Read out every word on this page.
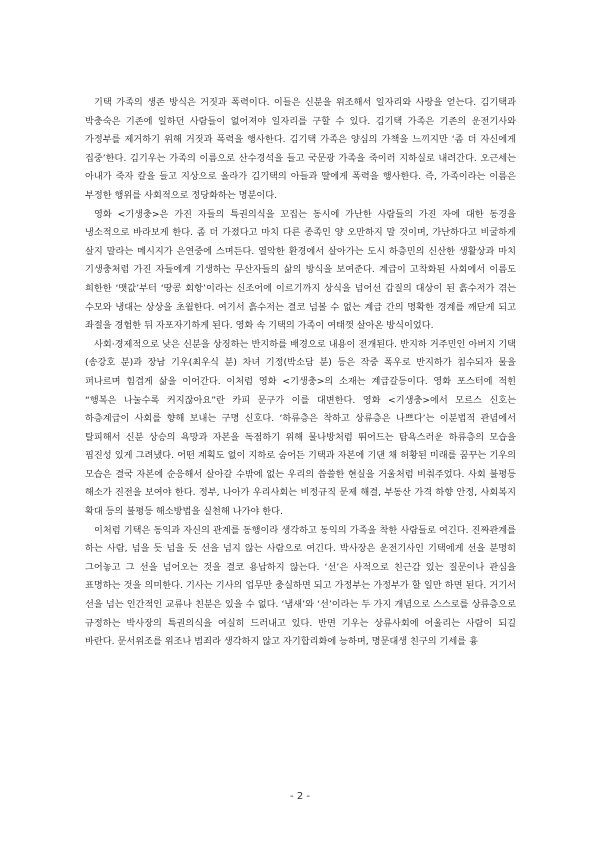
기택 가족의 생존 방식은 거짓과 폭력이다. 이들은 신분을 위조해서 일자리와 사랑을 얻는다. 김기택과 박충숙은 기존에 일하던 사람들이 없어져야 일자리를 구할 수 있다. 김기택 가족은 기존의 운전기사와 가정부를 제거하기 위해 거짓과 폭력을 행사한다. 김기택 가족은 양심의 가책을 느끼지만 ‘좀 더 자신에게 집중’한다. 김기우는 가족의 이름으로 산수경석을 들고 국문광 가족을 죽이러 지하실로 내려간다. 오근세는 아내가 죽자 칼을 들고 지상으로 올라가 김기택의 아들과 딸에게 폭력을 행사한다. 즉, 가족이라는 이름은 부정한 행위를 사회적으로 정당화하는 명분이다.

영화 <기생충>은 가진 자들의 특권의식을 꼬집는 동시에 가난한 사람들의 가진 자에 대한 동경을 냉소적으로 바라보게 한다. 좀 더 가졌다고 마치 다른 종족인 양 오만하지 말 것이며, 가난하다고 비굴하게 살지 말라는 메시지가 은연중에 스며든다. 열악한 환경에서 살아가는 도시 하층민의 신산한 생활상과 마치 기생충처럼 가진 자들에게 기생하는 무산자들의 삶의 방식을 보여준다. 계급이 고착화된 사회에서 이름도 희한한 ‘맷값’부터 ‘땅콩 회항’이라는 신조어에 이르기까지 상식을 넘어선 갑질의 대상이 된 흙수저가 겪는 수모와 냉대는 상상을 초월한다. 여기서 흙수저는 결코 넘볼 수 없는 계급 간의 명확한 경계를 깨닫게 되고 좌절을 경험한 뒤 자포자기하게 된다. 영화 속 기택의 가족이 여태껏 살아온 방식이었다.

사회·경제적으로 낮은 신분을 상징하는 반지하를 배경으로 내용이 전개된다. 반지하 거주민인 아버지 기택(송강호 분)과 장남 기우(최우식 분) 차녀 기정(박소담 분) 등은 작중 폭우로 반지하가 침수되자 물을 퍼나르며 힘겹게 삶을 이어간다. 이처럼 영화 <기생충>의 소재는 계급갈등이다. 영화 포스터에 적힌 “행복은 나눌수록 커지잖아요”란 카피 문구가 이를 대변한다. 영화 <기생충>에서 모르스 신호는 하층계급이 사회를 향해 보내는 구명 신호다. ‘하류층은 착하고 상류층은 나쁘다’는 이분법적 관념에서 탈피해서 신분 상승의 욕망과 자본을 독점하기 위해 물나방처럼 뛰어드는 탐욕스러운 하류층의 모습을 핍진성 있게 그려냈다. 어떤 계획도 없이 지하로 숨어든 기택과 자본에 기댄 채 허황된 미래를 꿈꾸는 기우의 모습은 결국 자본에 순응해서 살아갈 수밖에 없는 우리의 씁쓸한 현실을 거울처럼 비춰주었다. 사회 불평등 해소가 진전을 보여야 한다. 정부, 나아가 우리사회는 비정규직 문제 해결, 부동산 가격 하향 안정, 사회복지 확대 등의 불평등 해소방법을 실천해 나가야 한다.

이처럼 기택은 동익과 자신의 관계를 동행이라 생각하고 동익의 가족을 착한 사람들로 여긴다. 진짜관계를 하는 사람, 넘을 듯 넘을 듯 선을 넘지 않는 사람으로 여긴다. 박사장은 운전기사인 기택에게 선을 분명히 그어놓고 그 선을 넘어오는 것을 결코 용납하지 않는다. ‘선’은 사적으로 친근감 있는 질문이나 관심을 표명하는 것을 의미한다. 기사는 기사의 업무만 충실하면 되고 가정부는 가정부가 할 일만 하면 된다. 거기서 선을 넘는 인간적인 교류나 친분은 있을 수 없다. ‘냄새’와 ‘선’이라는 두 가지 개념으로 스스로를 상류층으로 규정하는 박사장의 특권의식을 여실히 드러내고 있다. 반면 기우는 상류사회에 어울리는 사람이 되길 바란다. 문서위조를 위조나 범죄라 생각하지 않고 자기합리화에 능하며, 명문대생 친구의 기세를 흉

- 2 -
